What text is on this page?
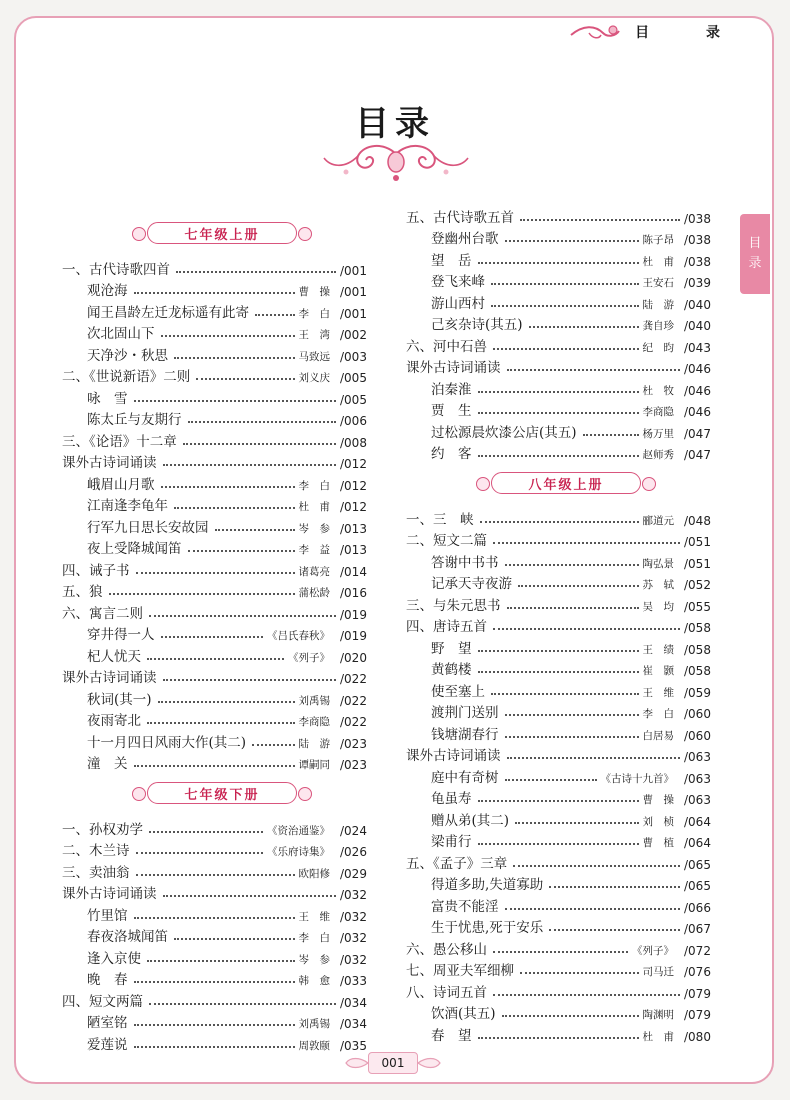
目 录
目录
目
录
七年级上册
一、古代诗歌四首	/001
观沧海	曹　操 /001
闻王昌龄左迁龙标遥有此寄	李　白 /001
次北固山下	王　湾 /002
天净沙・秋思	马致远 /003
二、《世说新语》二则	刘义庆 /005
咏　雪	/005
陈太丘与友期行	/006
三、《论语》十二章	/008
课外古诗词诵读	/012
峨眉山月歌	李　白 /012
江南逢李龟年	杜　甫 /012
行军九日思长安故园	岑　参 /013
夜上受降城闻笛	李　益 /013
四、诫子书	诸葛亮 /014
五、狼	蒲松龄 /016
六、寓言二则	/019
穿井得一人	《吕氏春秋》 /019
杞人忧天	《列子》 /020
课外古诗词诵读	/022
秋词(其一)	刘禹锡 /022
夜雨寄北	李商隐 /022
十一月四日风雨大作(其二)	陆　游 /023
潼　关	谭嗣同 /023
七年级下册
一、孙权劝学	《资治通鉴》 /024
二、木兰诗	《乐府诗集》 /026
三、卖油翁	欧阳修 /029
课外古诗词诵读	/032
竹里馆	王　维 /032
春夜洛城闻笛	李　白 /032
逢入京使	岑　参 /032
晚　春	韩　愈 /033
四、短文两篇	/034
陋室铭	刘禹锡 /034
爱莲说	周敦颐 /035
五、古代诗歌五首	/038
登幽州台歌	陈子昂 /038
望　岳	杜　甫 /038
登飞来峰	王安石 /039
游山西村	陆　游 /040
己亥杂诗(其五)	龚自珍 /040
六、河中石兽	纪　昀 /043
课外古诗词诵读	/046
泊秦淮	杜　牧 /046
贾　生	李商隐 /046
过松源晨炊漆公店(其五)	杨万里 /047
约　客	赵师秀 /047
八年级上册
一、三　峡	郦道元 /048
二、短文二篇	/051
答谢中书书	陶弘景 /051
记承天寺夜游	苏　轼 /052
三、与朱元思书	吴　均 /055
四、唐诗五首	/058
野　望	王　绩 /058
黄鹤楼	崔　颢 /058
使至塞上	王　维 /059
渡荆门送别	李　白 /060
钱塘湖春行	白居易 /060
课外古诗词诵读	/063
庭中有奇树	《古诗十九首》 /063
龟虽寿	曹　操 /063
赠从弟(其二)	刘　桢 /064
梁甫行	曹　植 /064
五、《孟子》三章	/065
得道多助,失道寡助	/065
富贵不能淫	/066
生于忧患,死于安乐	/067
六、愚公移山	《列子》 /072
七、周亚夫军细柳	司马迁 /076
八、诗词五首	/079
饮酒(其五)	陶渊明 /079
春　望	杜　甫 /080
001
